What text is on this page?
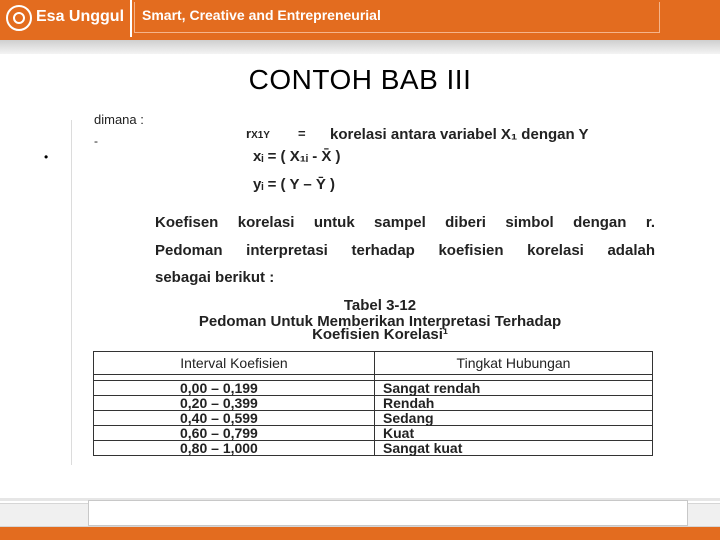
Esa Unggul Smart, Creative and Entrepreneurial
CONTOH BAB III
•
dimana :
-	rX1Y = korelasi antara variabel X₁ dengan Y
xᵢ = ( X₁ᵢ - X̄ )
yᵢ = ( Y – Ȳ )
Koefisen korelasi untuk sampel diberi simbol dengan r.
Pedoman interpretasi terhadap koefisien korelasi adalah
sebagai berikut :
Tabel 3-12
Pedoman Untuk Memberikan Interpretasi Terhadap
Koefisien Korelasi¹
Interval Koefisien	Tingkat Hubungan

0,00 – 0,199	Sangat rendah
0,20 – 0,399	Rendah
0,40 – 0,599	Sedang
0,60 – 0,799	Kuat
0,80 – 1,000	Sangat kuat
